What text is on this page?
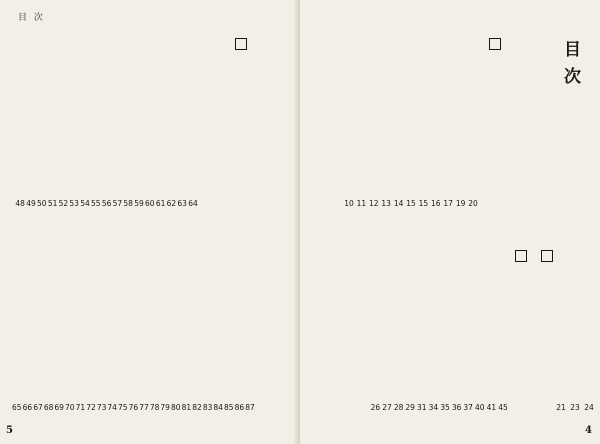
目 次
64
63
62
61
60
59
58
57
56
55
54
53
52
51
50
49
48
87
86
85
84
83
82
81
80
79
78
77
76
75
74
73
72
71
70
69
68
67
66
65
5
目次
20
19
17
16
15
15
14
13
12
11
10
45
41
40
37
36
35
34
31
29
28
27
26	24
23
21
4
